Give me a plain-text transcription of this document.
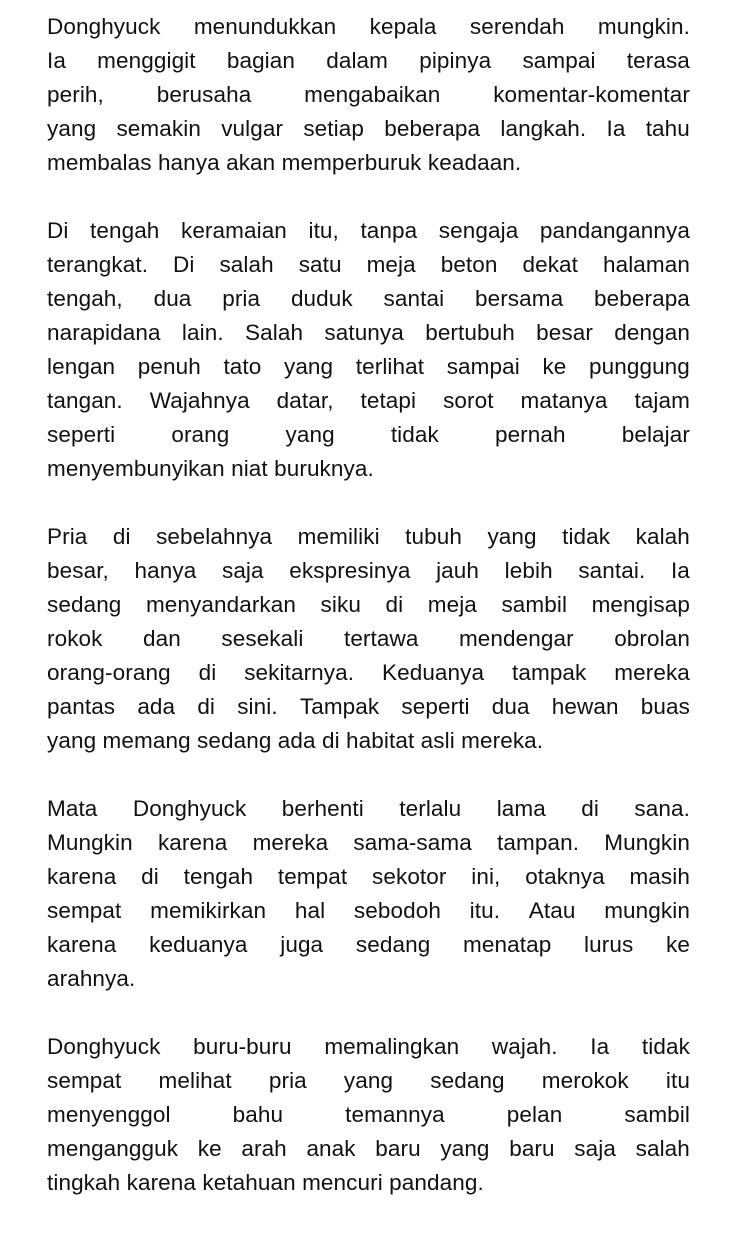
Donghyuck menundukkan kepala serendah mungkin.
Ia menggigit bagian dalam pipinya sampai terasa
perih, berusaha mengabaikan komentar-komentar
yang semakin vulgar setiap beberapa langkah. Ia tahu
membalas hanya akan memperburuk keadaan.
Di tengah keramaian itu, tanpa sengaja pandangannya
terangkat. Di salah satu meja beton dekat halaman
tengah, dua pria duduk santai bersama beberapa
narapidana lain. Salah satunya bertubuh besar dengan
lengan penuh tato yang terlihat sampai ke punggung
tangan. Wajahnya datar, tetapi sorot matanya tajam
seperti orang yang tidak pernah belajar
menyembunyikan niat buruknya.
Pria di sebelahnya memiliki tubuh yang tidak kalah
besar, hanya saja ekspresinya jauh lebih santai. Ia
sedang menyandarkan siku di meja sambil mengisap
rokok dan sesekali tertawa mendengar obrolan
orang-orang di sekitarnya. Keduanya tampak mereka
pantas ada di sini. Tampak seperti dua hewan buas
yang memang sedang ada di habitat asli mereka.
Mata Donghyuck berhenti terlalu lama di sana.
Mungkin karena mereka sama-sama tampan. Mungkin
karena di tengah tempat sekotor ini, otaknya masih
sempat memikirkan hal sebodoh itu. Atau mungkin
karena keduanya juga sedang menatap lurus ke
arahnya.
Donghyuck buru-buru memalingkan wajah. Ia tidak
sempat melihat pria yang sedang merokok itu
menyenggol	bahu	temannya	pelan	sambil
mengangguk ke arah anak baru yang baru saja salah
tingkah karena ketahuan mencuri pandang.
